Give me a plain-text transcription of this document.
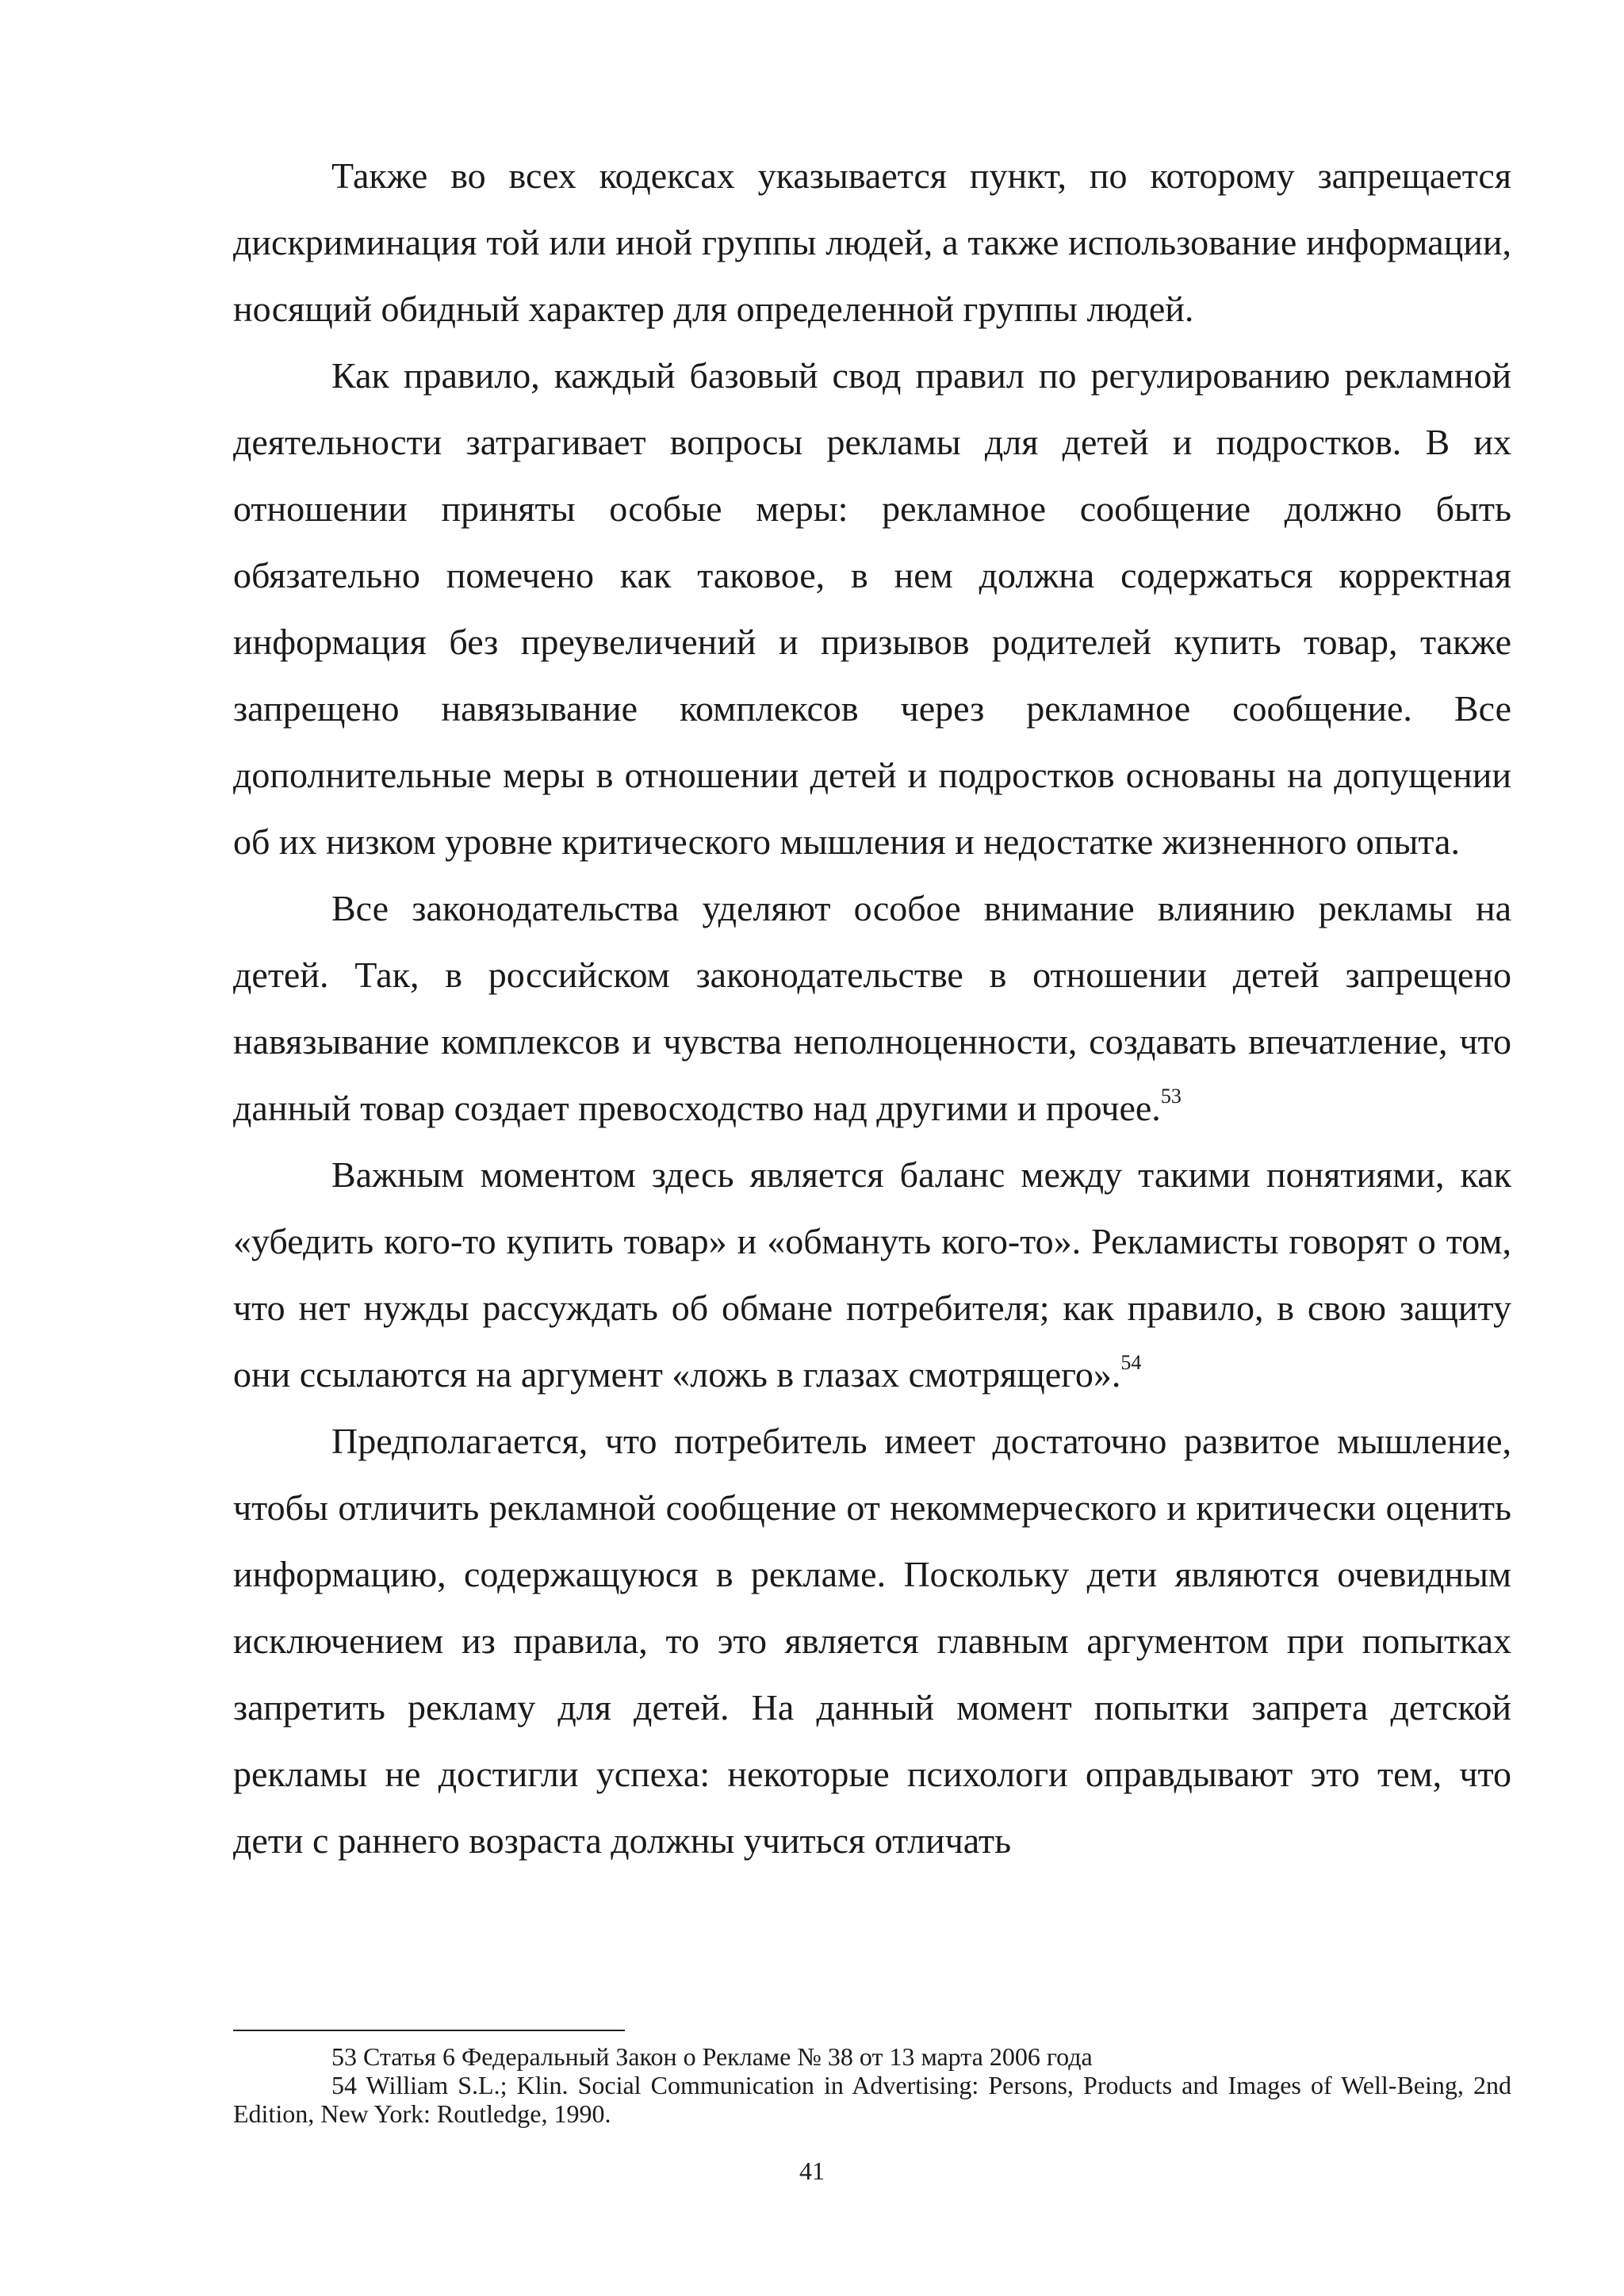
Также во всех кодексах указывается пункт, по которому запрещается дискриминация той или иной группы людей, а также использование информации, носящий обидный характер для определенной группы людей.

Как правило, каждый базовый свод правил по регулированию рекламной деятельности затрагивает вопросы рекламы для детей и подростков. В их отношении приняты особые меры: рекламное сообщение должно быть обязательно помечено как таковое, в нем должна содержаться корректная информация без преувеличений и призывов родителей купить товар, также запрещено навязывание комплексов через рекламное сообщение. Все дополнительные меры в отношении детей и подростков основаны на допущении об их низком уровне критического мышления и недостатке жизненного опыта.

Все законодательства уделяют особое внимание влиянию рекламы на детей. Так, в российском законодательстве в отношении детей запрещено навязывание комплексов и чувства неполноценности, создавать впечатление, что данный товар создает превосходство над другими и прочее.$^{53}$

Важным моментом здесь является баланс между такими понятиями, как «убедить кого-то купить товар» и «обмануть кого-то». Рекламисты говорят о том, что нет нужды рассуждать об обмане потребителя; как правило, в свою защиту они ссылаются на аргумент «ложь в глазах смотрящего».$^{54}$

Предполагается, что потребитель имеет достаточно развитое мышление, чтобы отличить рекламной сообщение от некоммерческого и критически оценить информацию, содержащуюся в рекламе. Поскольку дети являются очевидным исключением из правила, то это является главным аргументом при попытках запретить рекламу для детей. На данный момент попытки запрета детской рекламы не достигли успеха: некоторые психологи оправдывают это тем, что дети с раннего возраста должны учиться отличать

53 Статья 6 Федеральный Закон о Рекламе № 38 от 13 марта 2006 года

54 William S.L.; Klin. Social Communication in Advertising: Persons, Products and Images of Well-Being, 2nd Edition, New York: Routledge, 1990.

41
